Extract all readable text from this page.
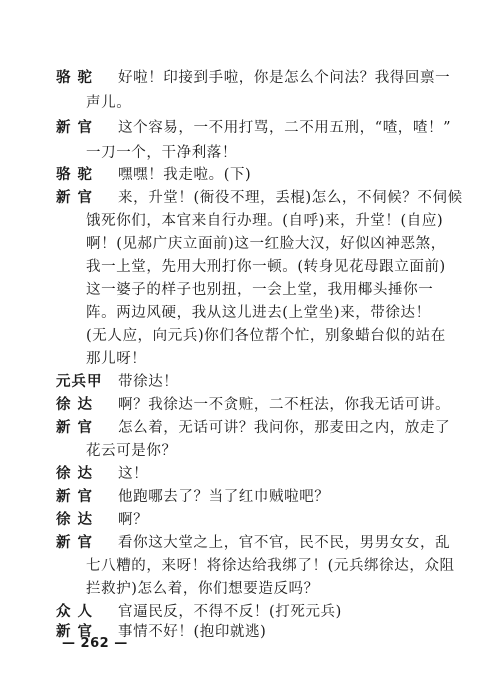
骆 驼	好啦！印接到手啦，你是怎么个问法？我得回禀一
声儿。
新 官	这个容易，一不用打骂，二不用五刑，“喳，喳！”
一刀一个，干净利落！
骆 驼	嘿嘿！我走啦。(下)
新 官	来，升堂！(衙役不理，丢棍)怎么，不伺候？不伺候
饿死你们，本官来自行办理。(自呼)来，升堂！(自应)
啊！(见郝广庆立面前)这一红脸大汉，好似凶神恶煞，
我一上堂，先用大刑打你一顿。(转身见花母跟立面前)
这一婆子的样子也别扭，一会上堂，我用椰头捶你一
阵。两边风硬，我从这儿进去(上堂坐)来，带徐达！
(无人应，向元兵)你们各位帮个忙，别象蜡台似的站在
那儿呀！
元兵甲 带徐达！
徐 达	啊？我徐达一不贪赃，二不枉法，你我无话可讲。
新 官	怎么着，无话可讲？我问你，那麦田之内，放走了
花云可是你？
徐 达	这！
新 官	他跑哪去了？当了红巾贼啦吧？
徐 达	啊？
新 官	看你这大堂之上，官不官，民不民，男男女女，乱
七八糟的，来呀！将徐达给我绑了！(元兵绑徐达，众阻
拦救护)怎么着，你们想要造反吗？
众 人	官逼民反，不得不反！(打死元兵)
新 官	事情不好！(抱印就逃)
— 262 —
